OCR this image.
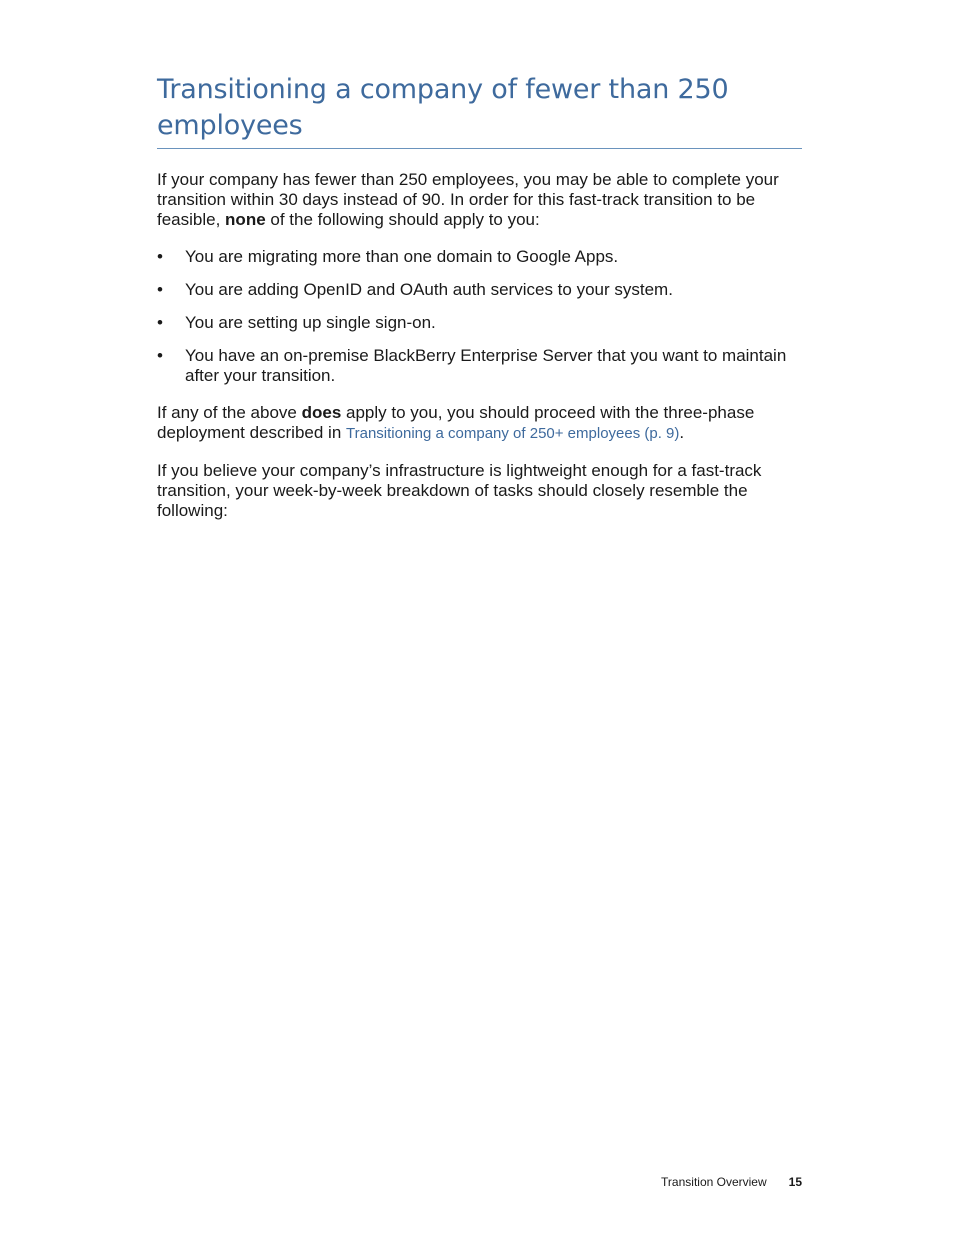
Transitioning a company of fewer than 250 employees

If your company has fewer than 250 employees, you may be able to complete your transition within 30 days instead of 90. In order for this fast-track transition to be feasible, none of the following should apply to you:

• You are migrating more than one domain to Google Apps.
• You are adding OpenID and OAuth auth services to your system.
• You are setting up single sign-on.
• You have an on-premise BlackBerry Enterprise Server that you want to maintain after your transition.

If any of the above does apply to you, you should proceed with the three-phase deployment described in Transitioning a company of 250+ employees (p. 9).

If you believe your company’s infrastructure is lightweight enough for a fast-track transition, your week-by-week breakdown of tasks should closely resemble the following:

Transition Overview 15
